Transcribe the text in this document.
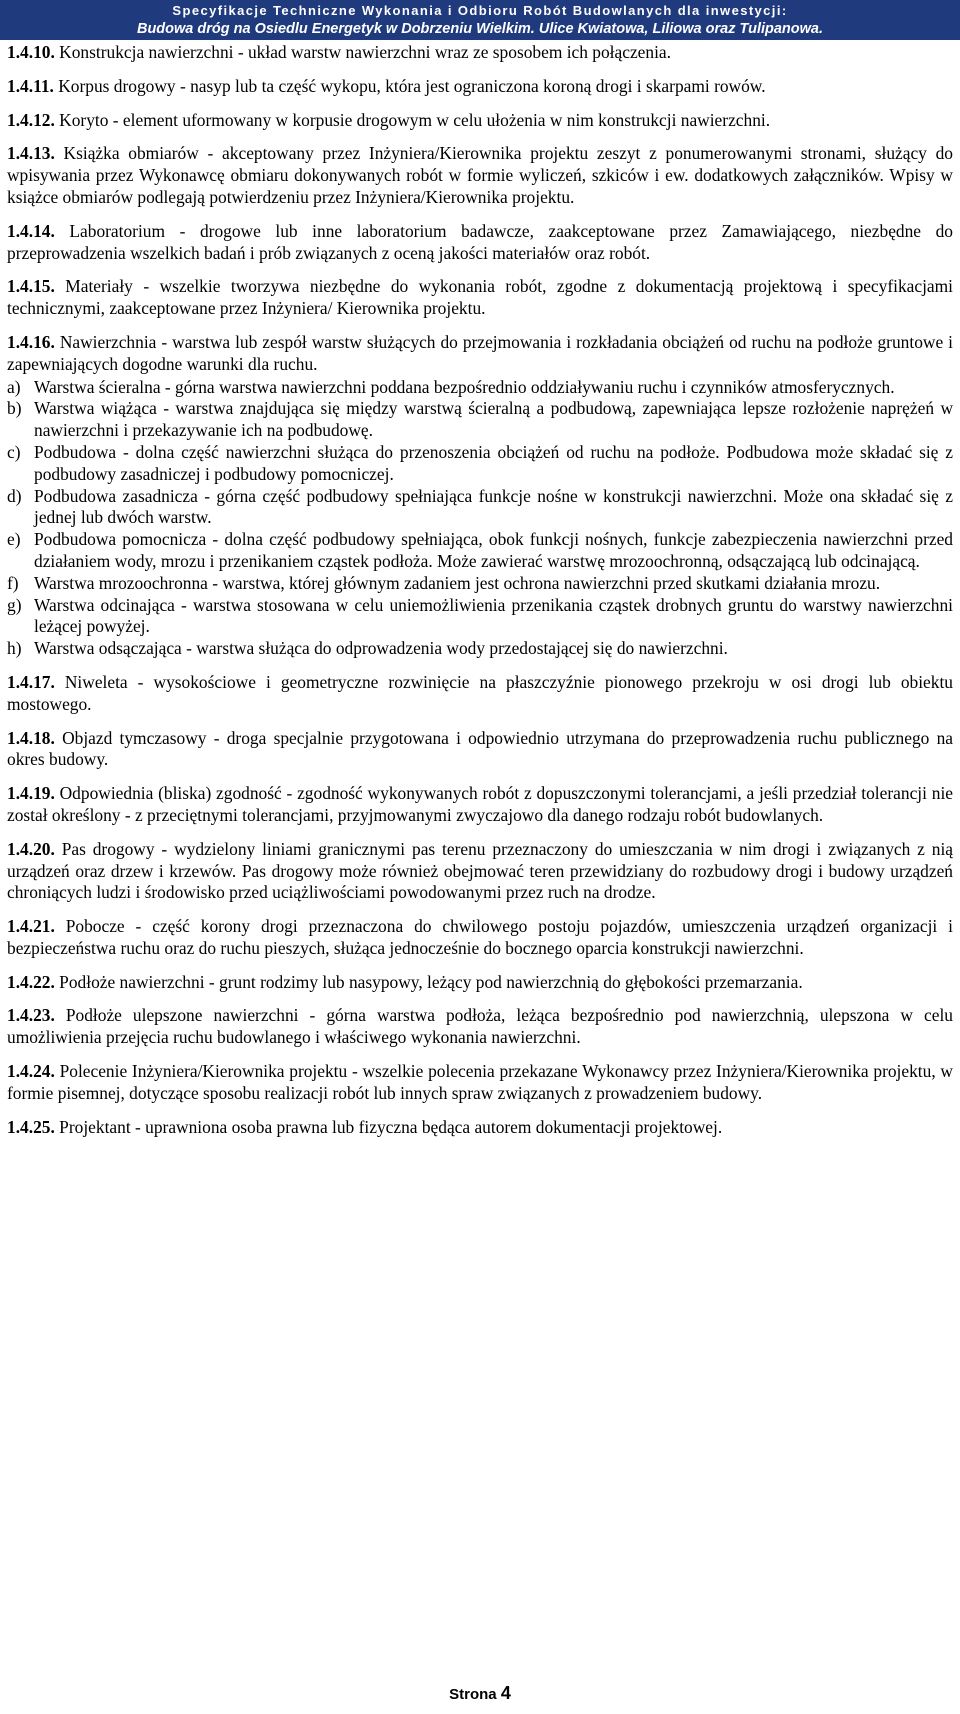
Specyfikacje Techniczne Wykonania i Odbioru Robót Budowlanych dla inwestycji:
Budowa dróg na Osiedlu Energetyk w Dobrzeniu Wielkim. Ulice Kwiatowa, Liliowa oraz Tulipanowa.

1.4.10. Konstrukcja nawierzchni - układ warstw nawierzchni wraz ze sposobem ich połączenia.

1.4.11. Korpus drogowy - nasyp lub ta część wykopu, która jest ograniczona koroną drogi i skarpami rowów.

1.4.12. Koryto - element uformowany w korpusie drogowym w celu ułożenia w nim konstrukcji nawierzchni.

1.4.13. Książka obmiarów - akceptowany przez Inżyniera/Kierownika projektu zeszyt z ponumerowanymi stronami, służący do wpisywania przez Wykonawcę obmiaru dokonywanych robót w formie wyliczeń, szkiców i ew. dodatkowych załączników. Wpisy w książce obmiarów podlegają potwierdzeniu przez Inżyniera/Kierownika projektu.

1.4.14. Laboratorium - drogowe lub inne laboratorium badawcze, zaakceptowane przez Zamawiającego, niezbędne do przeprowadzenia wszelkich badań i prób związanych z oceną jakości materiałów oraz robót.

1.4.15. Materiały - wszelkie tworzywa niezbędne do wykonania robót, zgodne z dokumentacją projektową i specyfikacjami technicznymi, zaakceptowane przez Inżyniera/ Kierownika projektu.

1.4.16. Nawierzchnia - warstwa lub zespół warstw służących do przejmowania i rozkładania obciążeń od ruchu na podłoże gruntowe i zapewniających dogodne warunki dla ruchu.

a) Warstwa ścieralna - górna warstwa nawierzchni poddana bezpośrednio oddziaływaniu ruchu i czynników atmosferycznych.
b) Warstwa wiążąca - warstwa znajdująca się między warstwą ścieralną a podbudową, zapewniająca lepsze rozłożenie naprężeń w nawierzchni i przekazywanie ich na podbudowę.
c) Podbudowa - dolna część nawierzchni służąca do przenoszenia obciążeń od ruchu na podłoże. Podbudowa może składać się z podbudowy zasadniczej i podbudowy pomocniczej.
d) Podbudowa zasadnicza - górna część podbudowy spełniająca funkcje nośne w konstrukcji nawierzchni. Może ona składać się z jednej lub dwóch warstw.
e) Podbudowa pomocnicza - dolna część podbudowy spełniająca, obok funkcji nośnych, funkcje zabezpieczenia nawierzchni przed działaniem wody, mrozu i przenikaniem cząstek podłoża. Może zawierać warstwę mrozoochronną, odsączającą lub odcinającą.
f) Warstwa mrozoochronna - warstwa, której głównym zadaniem jest ochrona nawierzchni przed skutkami działania mrozu.
g) Warstwa odcinająca - warstwa stosowana w celu uniemożliwienia przenikania cząstek drobnych gruntu do warstwy nawierzchni leżącej powyżej.
h) Warstwa odsączająca - warstwa służąca do odprowadzenia wody przedostającej się do nawierzchni.

1.4.17. Niweleta - wysokościowe i geometryczne rozwinięcie na płaszczyźnie pionowego przekroju w osi drogi lub obiektu mostowego.

1.4.18. Objazd tymczasowy - droga specjalnie przygotowana i odpowiednio utrzymana do przeprowadzenia ruchu publicznego na okres budowy.

1.4.19. Odpowiednia (bliska) zgodność - zgodność wykonywanych robót z dopuszczonymi tolerancjami, a jeśli przedział tolerancji nie został określony - z przeciętnymi tolerancjami, przyjmowanymi zwyczajowo dla danego rodzaju robót budowlanych.

1.4.20. Pas drogowy - wydzielony liniami granicznymi pas terenu przeznaczony do umieszczania w nim drogi i związanych z nią urządzeń oraz drzew i krzewów. Pas drogowy może również obejmować teren przewidziany do rozbudowy drogi i budowy urządzeń chroniących ludzi i środowisko przed uciążliwościami powodowanymi przez ruch na drodze.

1.4.21. Pobocze - część korony drogi przeznaczona do chwilowego postoju pojazdów, umieszczenia urządzeń organizacji i bezpieczeństwa ruchu oraz do ruchu pieszych, służąca jednocześnie do bocznego oparcia konstrukcji nawierzchni.

1.4.22. Podłoże nawierzchni - grunt rodzimy lub nasypowy, leżący pod nawierzchnią do głębokości przemarzania.

1.4.23. Podłoże ulepszone nawierzchni - górna warstwa podłoża, leżąca bezpośrednio pod nawierzchnią, ulepszona w celu umożliwienia przejęcia ruchu budowlanego i właściwego wykonania nawierzchni.

1.4.24. Polecenie Inżyniera/Kierownika projektu - wszelkie polecenia przekazane Wykonawcy przez Inżyniera/Kierownika projektu, w formie pisemnej, dotyczące sposobu realizacji robót lub innych spraw związanych z prowadzeniem budowy.

1.4.25. Projektant - uprawniona osoba prawna lub fizyczna będąca autorem dokumentacji projektowej.

Strona 4
